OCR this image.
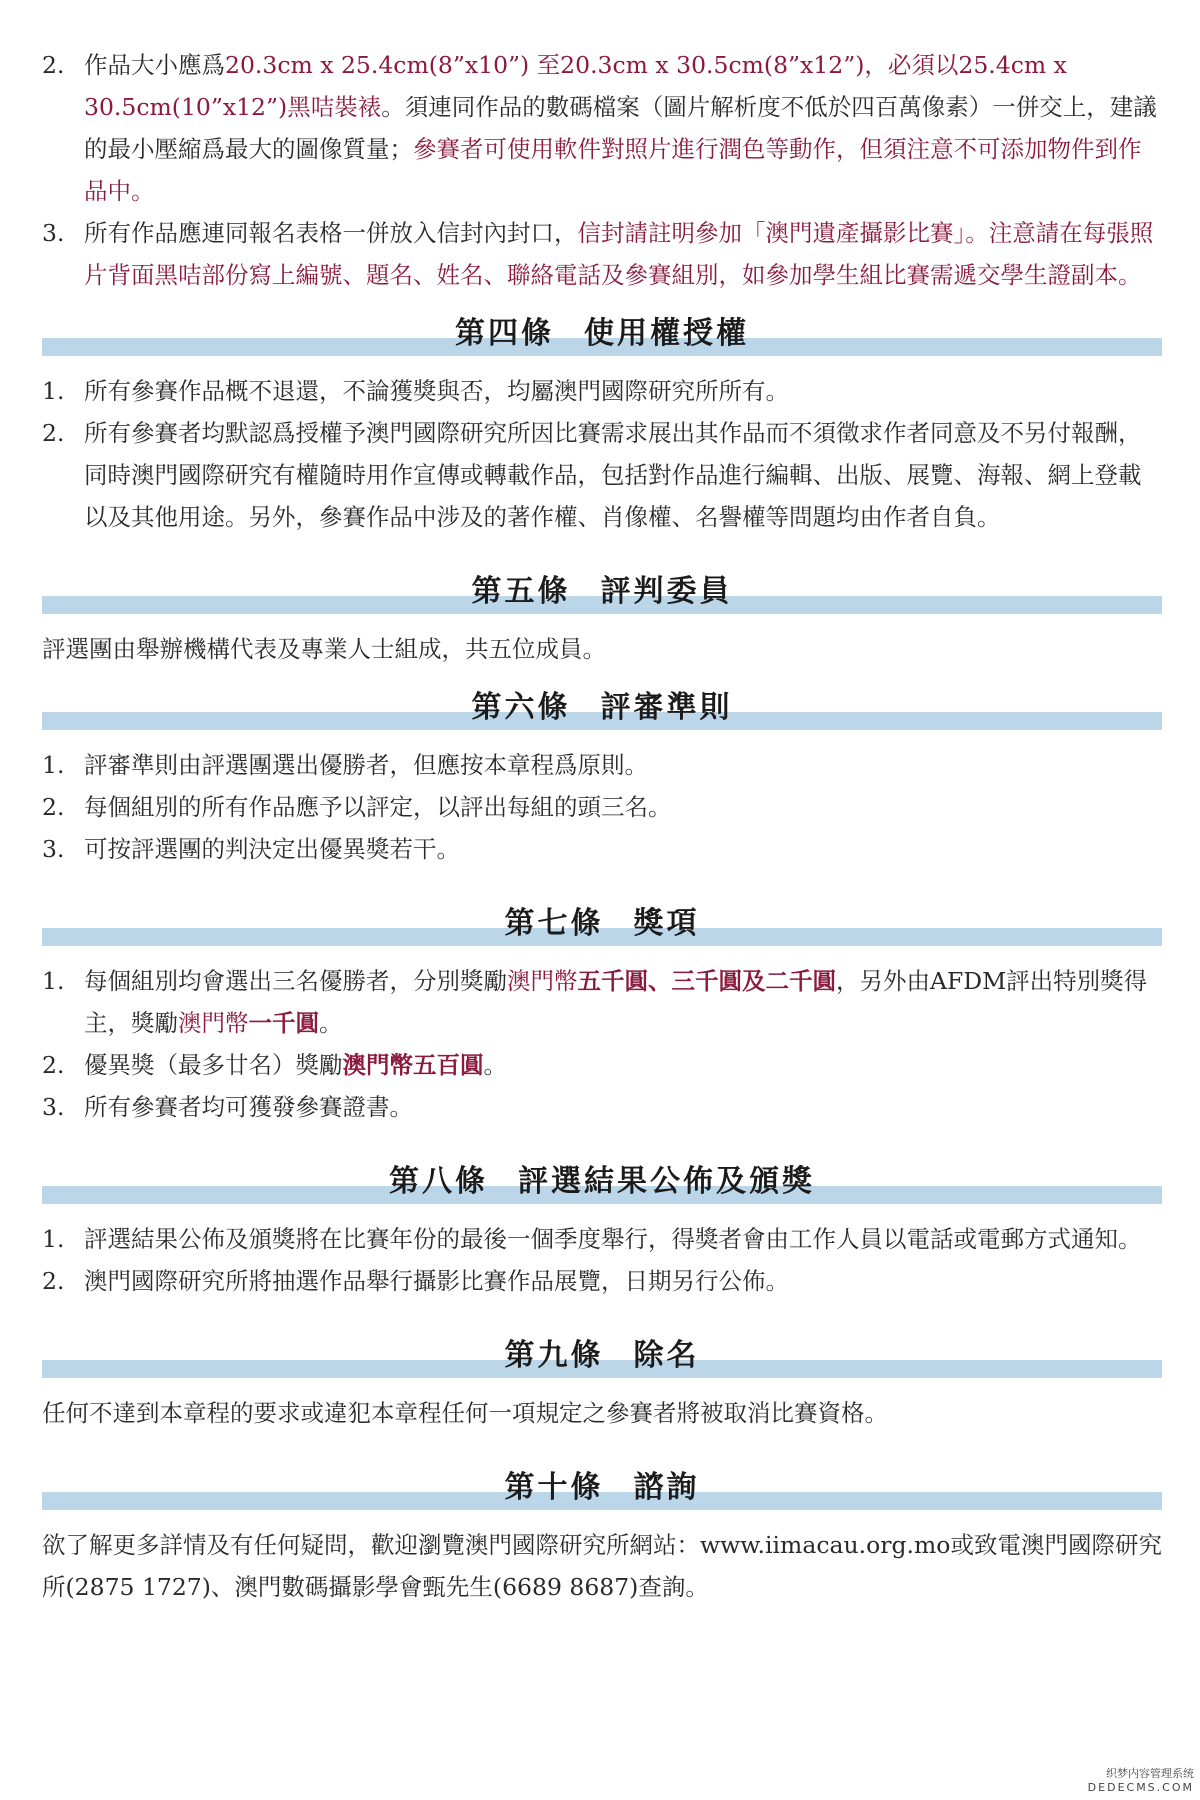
2. 作品大小應爲20.3cm x 25.4cm(8”x10”) 至20.3cm x 30.5cm(8”x12”)，必須以25.4cm x 30.5cm(10”x12”)黑咭裝裱。須連同作品的數碼檔案（圖片解析度不低於四百萬像素）一併交上，建議的最小壓縮爲最大的圖像質量；參賽者可使用軟件對照片進行潤色等動作，但須注意不可添加物件到作品中。
3. 所有作品應連同報名表格一併放入信封內封口，信封請註明參加「澳門遺產攝影比賽」。注意請在每張照片背面黑咭部份寫上編號、題名、姓名、聯絡電話及參賽組別，如參加學生組比賽需遞交學生證副本。
第四條 使用權授權
1. 所有參賽作品概不退還，不論獲獎與否，均屬澳門國際研究所所有。
2. 所有參賽者均默認爲授權予澳門國際研究所因比賽需求展出其作品而不須徵求作者同意及不另付報酬，同時澳門國際研究有權隨時用作宣傳或轉載作品，包括對作品進行編輯、出版、展覽、海報、網上登載以及其他用途。另外，參賽作品中涉及的著作權、肖像權、名譽權等問題均由作者自負。
第五條 評判委員
評選團由舉辦機構代表及專業人士組成，共五位成員。
第六條 評審準則
1. 評審準則由評選團選出優勝者，但應按本章程爲原則。
2. 每個組別的所有作品應予以評定，以評出每組的頭三名。
3. 可按評選團的判決定出優異獎若干。
第七條 獎項
1. 每個組別均會選出三名優勝者，分別獎勵澳門幣五千圓、三千圓及二千圓，另外由AFDM評出特別獎得主，獎勵澳門幣一千圓。
2. 優異獎（最多廿名）獎勵澳門幣五百圓。
3. 所有參賽者均可獲發參賽證書。
第八條 評選結果公佈及頒獎
1. 評選結果公佈及頒獎將在比賽年份的最後一個季度舉行，得獎者會由工作人員以電話或電郵方式通知。
2. 澳門國際研究所將抽選作品舉行攝影比賽作品展覽，日期另行公佈。
第九條 除名
任何不達到本章程的要求或違犯本章程任何一項規定之參賽者將被取消比賽資格。
第十條 諮詢
欲了解更多詳情及有任何疑問，歡迎瀏覽澳門國際研究所網站：www.iimacau.org.mo或致電澳門國際研究所(2875 1727)、澳門數碼攝影學會甄先生(6689 8687)查詢。
织梦内容管理系统
DEDECMS.COM
